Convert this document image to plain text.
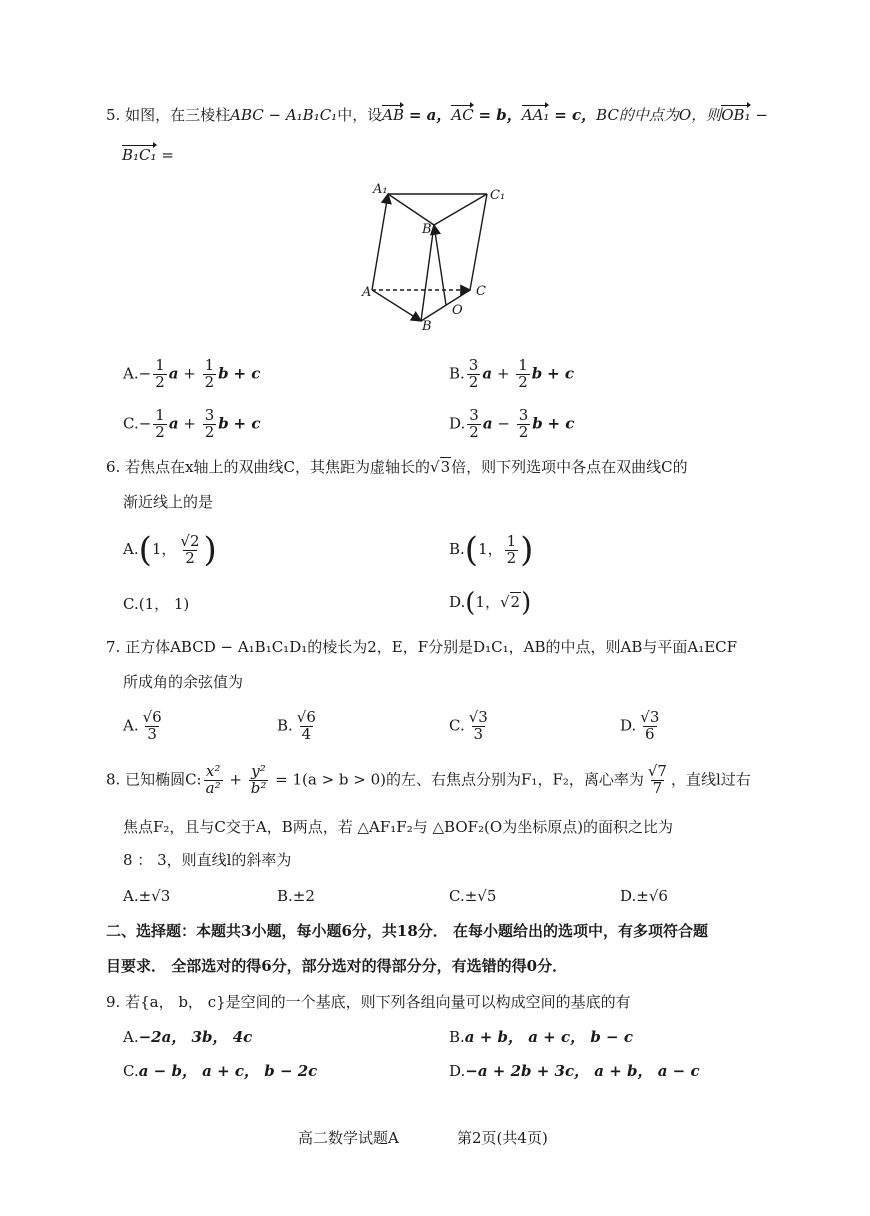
5. 如图，在三棱柱ABC − A₁B₁C₁中，设AB = a，AC = b，AA₁ = c，BC的中点为O，则OB₁ −
B₁C₁ =
A₁	C₁
B₁
A	C
O
B
$A.- \frac{1}{2}$ $a + \frac{1}{2}$ b + c	B. $\frac{3}{2}$ $a + \frac{1}{2}$ b + c
$C.- \frac{1}{2}$ $a + \frac{3}{2}$ b + c	D. $\frac{3}{2}$ $a - \frac{3}{2}$ b + c
6. 若焦点在x轴上的双曲线C，其焦距为虚轴长的√3倍，则下列选项中各点在双曲线C的
渐近线上的是
A.(1， $\frac{√2}{2}$ )	B.(1， $\frac{1}{2}$ )
C.(1， 1)	D.(1，√2)
7. 正方体ABCD − A₁B₁C₁D₁的棱长为2，E，F分别是D₁C₁，AB的中点，则AB与平面A₁ECF
所成角的余弦值为
A. $\frac{√6}{3}$	B. $\frac{√6}{4}$	C. $\frac{√3}{3}$	D. $\frac{√3}{6}$
8. 已知椭圆C: $\frac{\text{x²}}{\text{a²}} + \frac{\text{y²}}{\text{b²}} = 1(a > b > 0)$的左、右焦点分别为F₁，F₂，离心率为 $\frac{√7}{7}$ ，直线l过右
焦点F₂，且与C交于A，B两点，若 △AF₁F₂与 △BOF₂(O为坐标原点)的面积之比为
8 ： 3，则直线l的斜率为
A.±√3	B.±2	C.±√5	D.±√6
二、选择题：本题共3小题，每小题6分，共18分． 在每小题给出的选项中，有多项符合题
目要求． 全部选对的得6分，部分选对的得部分分，有选错的得0分．
9. 若{a， b， c}是空间的一个基底，则下列各组向量可以构成空间的基底的有
A.−2a， 3b， 4c	B.a + b， a + c， b − c
C.a − b， a + c， b − 2c	D.−a + 2b + 3c， a + b， a − c
高二数学试题A	第2页(共4页)
